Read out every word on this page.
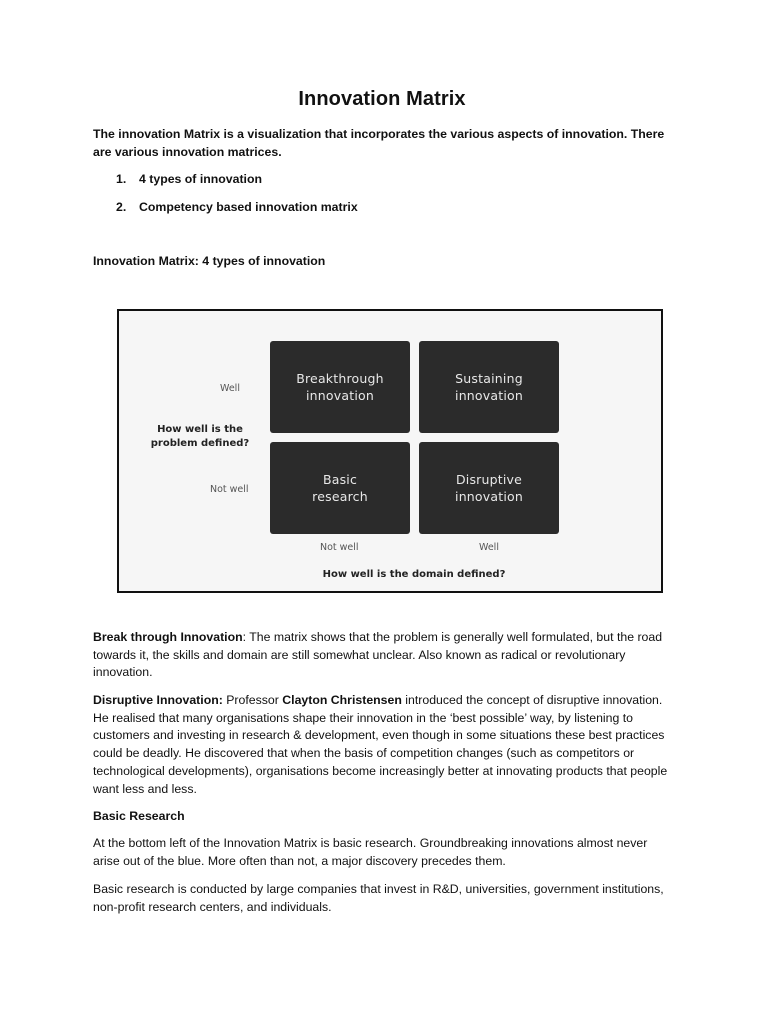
Innovation Matrix
The innovation Matrix is a visualization that incorporates the various aspects of innovation. There are various innovation matrices.
1.	4 types of innovation
2.	Competency based innovation matrix
Innovation Matrix: 4 types of innovation
Break through Innovation: The matrix shows that the problem is generally well formulated, but the road towards it, the skills and domain are still somewhat unclear. Also known as radical or revolutionary innovation.
Disruptive Innovation: Professor Clayton Christensen introduced the concept of disruptive innovation. He realised that many organisations shape their innovation in the ‘best possible’ way, by listening to customers and investing in research & development, even though in some situations these best practices could be deadly. He discovered that when the basis of competition changes (such as competitors or technological developments), organisations become increasingly better at innovating products that people want less and less.
Basic Research
At the bottom left of the Innovation Matrix is basic research. Groundbreaking innovations almost never arise out of the blue. More often than not, a major discovery precedes them.
Basic research is conducted by large companies that invest in R&D, universities, government institutions, non-profit research centers, and individuals.
Well
How well is the
problem defined?
Not well
Breakthrough
innovation
Sustaining
innovation
Basic
research
Disruptive
innovation
Not well	Well
How well is the domain defined?
